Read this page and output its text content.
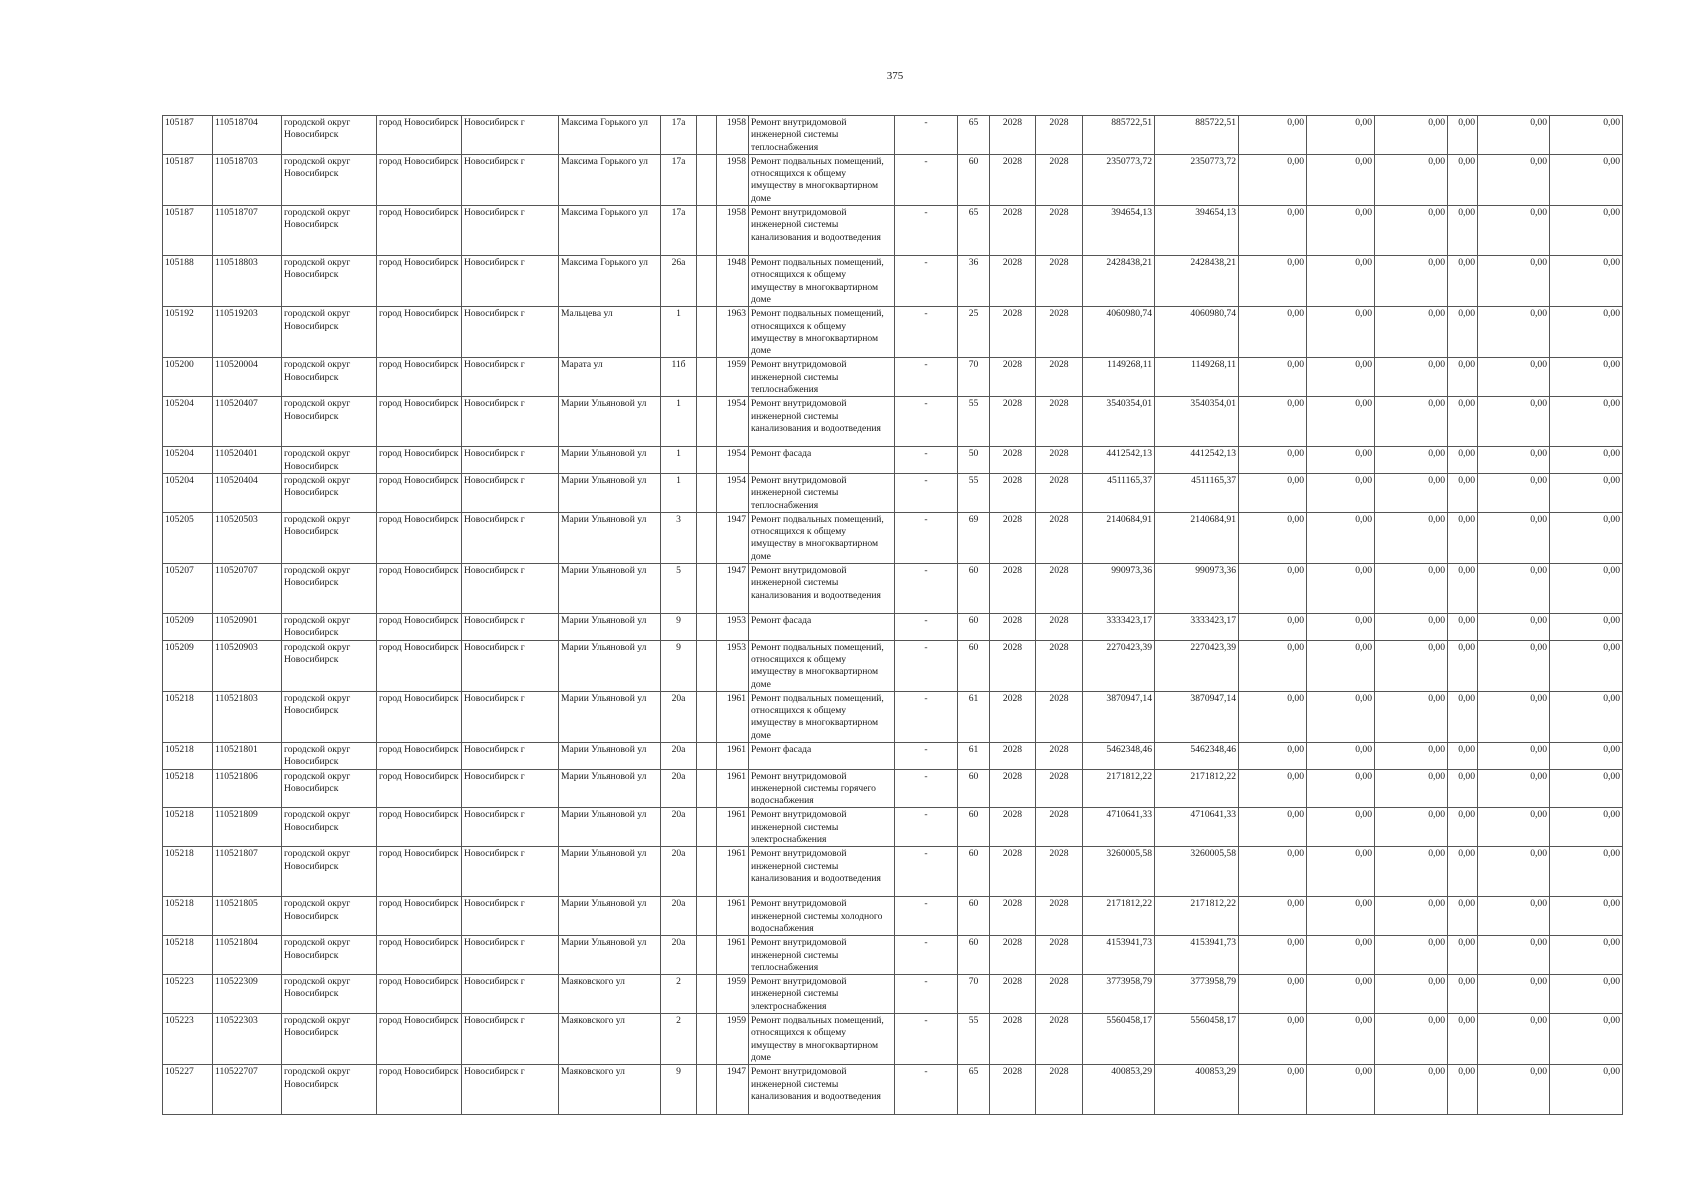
375
105187	110518704	городской округ Новосибирск	город Новосибирск	Новосибирск г	Максима Горького ул	17а		1958	Ремонт внутридомовой инженерной системы теплоснабжения	-	65	2028	2028	885722,51	885722,51	0,00	0,00	0,00	0,00	0,00	0,00
105187	110518703	городской округ Новосибирск	город Новосибирск	Новосибирск г	Максима Горького ул	17а		1958	Ремонт подвальных помещений, относящихся к общему имуществу в многоквартирном доме	-	60	2028	2028	2350773,72	2350773,72	0,00	0,00	0,00	0,00	0,00	0,00
105187	110518707	городской округ Новосибирск	город Новосибирск	Новосибирск г	Максима Горького ул	17а		1958	Ремонт внутридомовой инженерной системы канализования и водоотведения	-	65	2028	2028	394654,13	394654,13	0,00	0,00	0,00	0,00	0,00	0,00
105188	110518803	городской округ Новосибирск	город Новосибирск	Новосибирск г	Максима Горького ул	26а		1948	Ремонт подвальных помещений, относящихся к общему имуществу в многоквартирном доме	-	36	2028	2028	2428438,21	2428438,21	0,00	0,00	0,00	0,00	0,00	0,00
105192	110519203	городской округ Новосибирск	город Новосибирск	Новосибирск г	Мальцева ул	1		1963	Ремонт подвальных помещений, относящихся к общему имуществу в многоквартирном доме	-	25	2028	2028	4060980,74	4060980,74	0,00	0,00	0,00	0,00	0,00	0,00
105200	110520004	городской округ Новосибирск	город Новосибирск	Новосибирск г	Марата ул	11б		1959	Ремонт внутридомовой инженерной системы теплоснабжения	-	70	2028	2028	1149268,11	1149268,11	0,00	0,00	0,00	0,00	0,00	0,00
105204	110520407	городской округ Новосибирск	город Новосибирск	Новосибирск г	Марии Ульяновой ул	1		1954	Ремонт внутридомовой инженерной системы канализования и водоотведения	-	55	2028	2028	3540354,01	3540354,01	0,00	0,00	0,00	0,00	0,00	0,00
105204	110520401	городской округ Новосибирск	город Новосибирск	Новосибирск г	Марии Ульяновой ул	1		1954	Ремонт фасада	-	50	2028	2028	4412542,13	4412542,13	0,00	0,00	0,00	0,00	0,00	0,00
105204	110520404	городской округ Новосибирск	город Новосибирск	Новосибирск г	Марии Ульяновой ул	1		1954	Ремонт внутридомовой инженерной системы теплоснабжения	-	55	2028	2028	4511165,37	4511165,37	0,00	0,00	0,00	0,00	0,00	0,00
105205	110520503	городской округ Новосибирск	город Новосибирск	Новосибирск г	Марии Ульяновой ул	3		1947	Ремонт подвальных помещений, относящихся к общему имуществу в многоквартирном доме	-	69	2028	2028	2140684,91	2140684,91	0,00	0,00	0,00	0,00	0,00	0,00
105207	110520707	городской округ Новосибирск	город Новосибирск	Новосибирск г	Марии Ульяновой ул	5		1947	Ремонт внутридомовой инженерной системы канализования и водоотведения	-	60	2028	2028	990973,36	990973,36	0,00	0,00	0,00	0,00	0,00	0,00
105209	110520901	городской округ Новосибирск	город Новосибирск	Новосибирск г	Марии Ульяновой ул	9		1953	Ремонт фасада	-	60	2028	2028	3333423,17	3333423,17	0,00	0,00	0,00	0,00	0,00	0,00
105209	110520903	городской округ Новосибирск	город Новосибирск	Новосибирск г	Марии Ульяновой ул	9		1953	Ремонт подвальных помещений, относящихся к общему имуществу в многоквартирном доме	-	60	2028	2028	2270423,39	2270423,39	0,00	0,00	0,00	0,00	0,00	0,00
105218	110521803	городской округ Новосибирск	город Новосибирск	Новосибирск г	Марии Ульяновой ул	20а		1961	Ремонт подвальных помещений, относящихся к общему имуществу в многоквартирном доме	-	61	2028	2028	3870947,14	3870947,14	0,00	0,00	0,00	0,00	0,00	0,00
105218	110521801	городской округ Новосибирск	город Новосибирск	Новосибирск г	Марии Ульяновой ул	20а		1961	Ремонт фасада	-	61	2028	2028	5462348,46	5462348,46	0,00	0,00	0,00	0,00	0,00	0,00
105218	110521806	городской округ Новосибирск	город Новосибирск	Новосибирск г	Марии Ульяновой ул	20а		1961	Ремонт внутридомовой инженерной системы горячего водоснабжения	-	60	2028	2028	2171812,22	2171812,22	0,00	0,00	0,00	0,00	0,00	0,00
105218	110521809	городской округ Новосибирск	город Новосибирск	Новосибирск г	Марии Ульяновой ул	20а		1961	Ремонт внутридомовой инженерной системы электроснабжения	-	60	2028	2028	4710641,33	4710641,33	0,00	0,00	0,00	0,00	0,00	0,00
105218	110521807	городской округ Новосибирск	город Новосибирск	Новосибирск г	Марии Ульяновой ул	20а		1961	Ремонт внутридомовой инженерной системы канализования и водоотведения	-	60	2028	2028	3260005,58	3260005,58	0,00	0,00	0,00	0,00	0,00	0,00
105218	110521805	городской округ Новосибирск	город Новосибирск	Новосибирск г	Марии Ульяновой ул	20а		1961	Ремонт внутридомовой инженерной системы холодного водоснабжения	-	60	2028	2028	2171812,22	2171812,22	0,00	0,00	0,00	0,00	0,00	0,00
105218	110521804	городской округ Новосибирск	город Новосибирск	Новосибирск г	Марии Ульяновой ул	20а		1961	Ремонт внутридомовой инженерной системы теплоснабжения	-	60	2028	2028	4153941,73	4153941,73	0,00	0,00	0,00	0,00	0,00	0,00
105223	110522309	городской округ Новосибирск	город Новосибирск	Новосибирск г	Маяковского ул	2		1959	Ремонт внутридомовой инженерной системы электроснабжения	-	70	2028	2028	3773958,79	3773958,79	0,00	0,00	0,00	0,00	0,00	0,00
105223	110522303	городской округ Новосибирск	город Новосибирск	Новосибирск г	Маяковского ул	2		1959	Ремонт подвальных помещений, относящихся к общему имуществу в многоквартирном доме	-	55	2028	2028	5560458,17	5560458,17	0,00	0,00	0,00	0,00	0,00	0,00
105227	110522707	городской округ Новосибирск	город Новосибирск	Новосибирск г	Маяковского ул	9		1947	Ремонт внутридомовой инженерной системы канализования и водоотведения	-	65	2028	2028	400853,29	400853,29	0,00	0,00	0,00	0,00	0,00	0,00
